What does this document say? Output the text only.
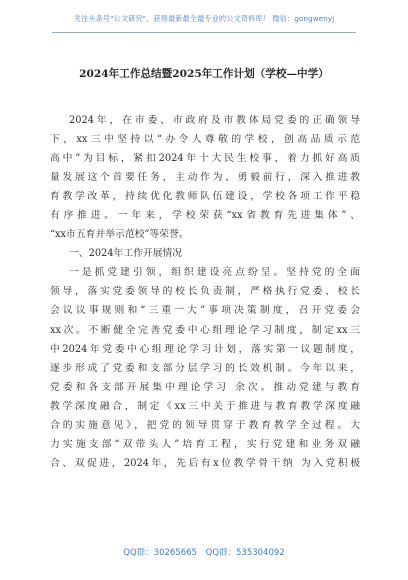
关注头条号"公文研究"，获得最新最全最专业的公文资料库！ 微信：gongwenyj
2024年工作总结暨2025年工作计划（学校—中学）
2024年，在市委、市政府及市教体局党委的正确领导
下，xx三中坚持以“办令人尊敬的学校，创高品质示范
高中”为目标，紧扣2024年十大民生校事，着力抓好高质
量发展这个首要任务，主动作为、勇毅前行，深入推进教
育教学改革，持续优化教师队伍建设，学校各项工作平稳
有序推进。一年来，学校荣获“xx省教育先进集体”、
“xx市五育并举示范校”等荣誉。
一、2024年工作开展情况
一是抓党建引领，组织建设亮点纷呈。坚持党的全面
领导，落实党委领导的校长负责制，严格执行党委、校长
会议议事规则和“三重一大”事项决策制度，召开党委会
xx次。不断健全完善党委中心组理论学习制度，制定xx三
中2024年党委中心组理论学习计划，落实第一议题制度，
逐步形成了党委和支部分层学习的长效机制。今年以来，
党委和各支部开展集中理论学习 余次。推动党建与教育
教学深度融合，制定《xx三中关于推进与教育教学深度融
合的实施意见》，把党的领导贯穿于教育教学全过程。大
力实施支部“双带头人”培育工程，实行党建和业务双融
合、双促进，2024年，先后有x位教学骨干纳 为入党积极
QQ群：30265665 QQ群：535304092
